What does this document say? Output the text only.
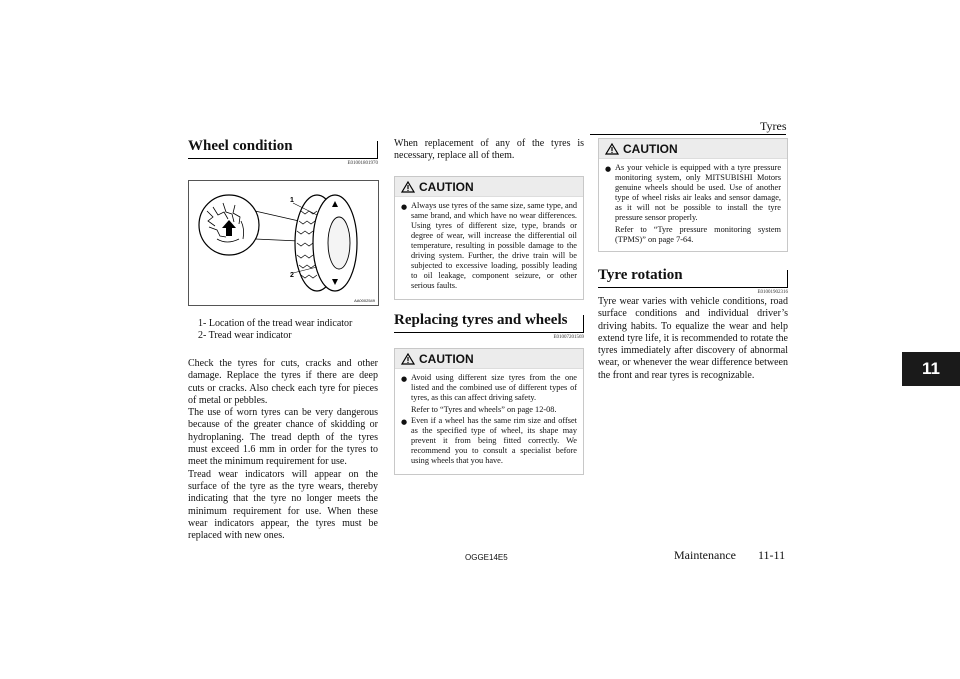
Tyres
11
Wheel condition
E01001801970
1
2
AA0002549
1- Location of the tread wear indicator
2- Tread wear indicator

Check the tyres for cuts, cracks and other damage. Replace the tyres if there are deep cuts or cracks. Also check each tyre for pieces of metal or pebbles.

The use of worn tyres can be very dangerous because of the greater chance of skidding or hydroplaning. The tread depth of the tyres must exceed 1.6 mm in order for the tyres to meet the minimum requirement for use.

Tread wear indicators will appear on the surface of the tyre as the tyre wears, thereby indicating that the tyre no longer meets the minimum requirement for use. When these wear indicators appear, the tyres must be replaced with new ones.

When replacement of any of the tyres is necessary, replace all of them.
CAUTION
● Always use tyres of the same size, same type, and same brand, and which have no wear differences. Using tyres of different size, type, brands or degree of wear, will increase the differential oil temperature, resulting in possible damage to the driving system. Further, the drive train will be subjected to excessive loading, possibly leading to oil leakage, component seizure, or other serious faults.
Replacing tyres and wheels
E01007201569
CAUTION
● Avoid using different size tyres from the one listed and the combined use of different types of tyres, as this can affect driving safety.
Refer to “Tyres and wheels” on page 12-08.
● Even if a wheel has the same rim size and offset as the specified type of wheel, its shape may prevent it from being fitted correctly. We recommend you to consult a specialist before using wheels that you have.
CAUTION
● As your vehicle is equipped with a tyre pressure monitoring system, only MITSUBISHI Motors genuine wheels should be used. Use of another type of wheel risks air leaks and sensor damage, as it will not be possible to install the tyre pressure sensor properly.
Refer to “Tyre pressure monitoring system (TPMS)” on page 7-64.
Tyre rotation
E01001902316
Tyre wear varies with vehicle conditions, road surface conditions and individual driver’s driving habits. To equalize the wear and help extend tyre life, it is recommended to rotate the tyres immediately after discovery of abnormal wear, or whenever the wear difference between the front and rear tyres is recognizable.
OGGE14E5	Maintenance 11-11
